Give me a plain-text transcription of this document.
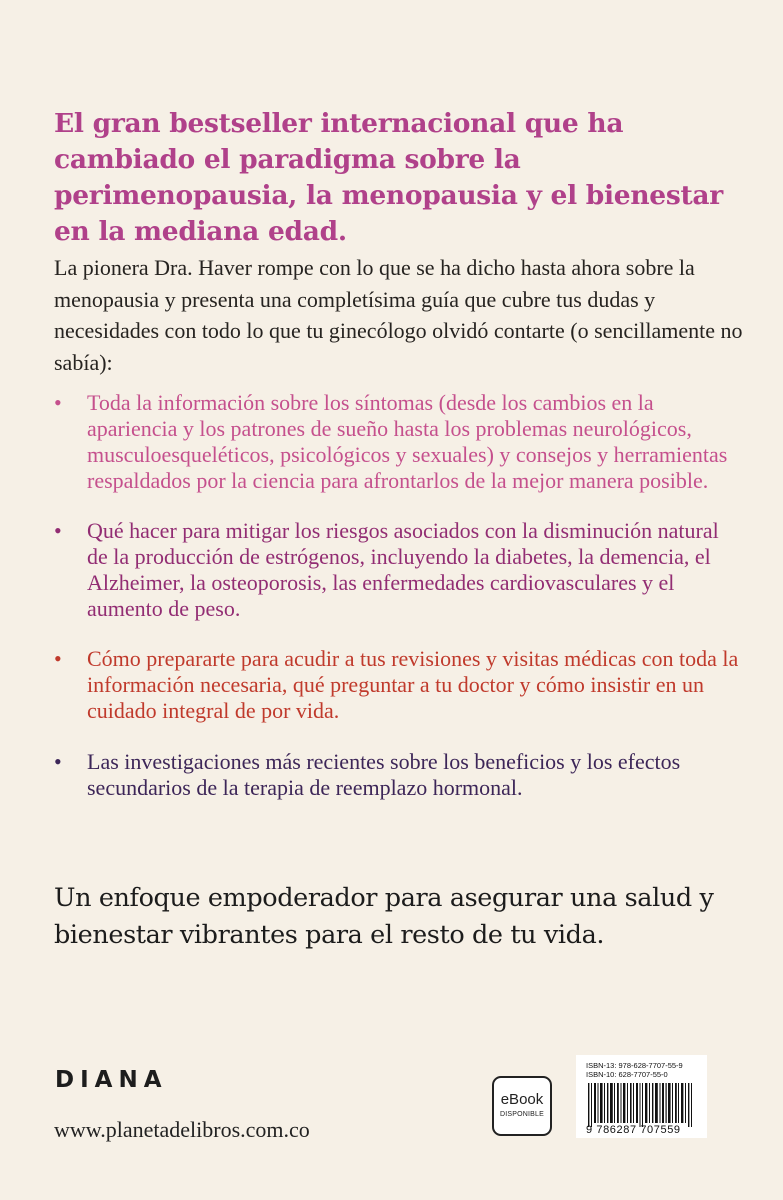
El gran bestseller internacional que ha cambiado el paradigma sobre la perimenopausia, la menopausia y el bienestar en la mediana edad.

La pionera Dra. Haver rompe con lo que se ha dicho hasta ahora sobre la menopausia y presenta una completísima guía que cubre tus dudas y necesidades con todo lo que tu ginecólogo olvidó contarte (o sencillamente no sabía):

• Toda la información sobre los síntomas (desde los cambios en la apariencia y los patrones de sueño hasta los problemas neurológicos, musculoesqueléticos, psicológicos y sexuales) y consejos y herramientas respaldados por la ciencia para afrontarlos de la mejor manera posible.
• Qué hacer para mitigar los riesgos asociados con la disminución natural de la producción de estrógenos, incluyendo la diabetes, la demencia, el Alzheimer, la osteoporosis, las enfermedades cardiovasculares y el aumento de peso.
• Cómo prepararte para acudir a tus revisiones y visitas médicas con toda la información necesaria, qué preguntar a tu doctor y cómo insistir en un cuidado integral de por vida.
• Las investigaciones más recientes sobre los beneficios y los efectos secundarios de la terapia de reemplazo hormonal.

Un enfoque empoderador para asegurar una salud y bienestar vibrantes para el resto de tu vida.

DIANA
www.planetadelibros.com.co
eBook
DISPONIBLE
ISBN-13: 978-628-7707-55-9
ISBN-10: 628-7707-55-0
9 786287 707559
